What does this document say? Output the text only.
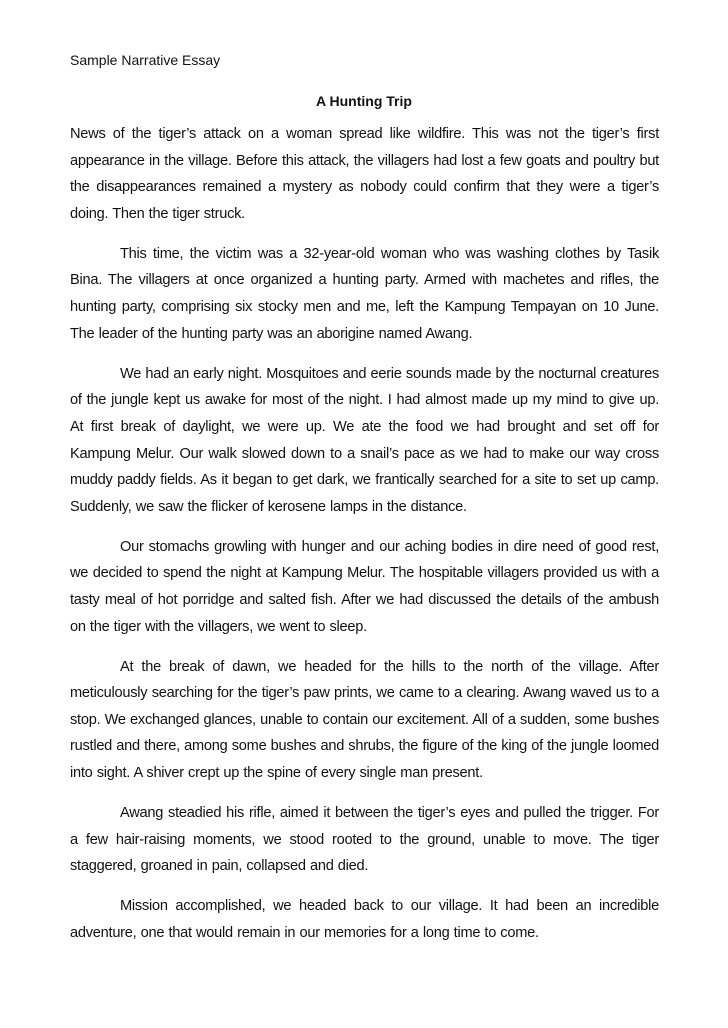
Sample Narrative Essay
A Hunting Trip

News of the tiger’s attack on a woman spread like wildfire. This was not the tiger’s first appearance in the village. Before this attack, the villagers had lost a few goats and poultry but the disappearances remained a mystery as nobody could confirm that they were a tiger’s doing. Then the tiger struck.

This time, the victim was a 32-year-old woman who was washing clothes by Tasik Bina. The villagers at once organized a hunting party. Armed with machetes and rifles, the hunting party, comprising six stocky men and me, left the Kampung Tempayan on 10 June. The leader of the hunting party was an aborigine named Awang.

We had an early night. Mosquitoes and eerie sounds made by the nocturnal creatures of the jungle kept us awake for most of the night. I had almost made up my mind to give up. At first break of daylight, we were up. We ate the food we had brought and set off for Kampung Melur. Our walk slowed down to a snail’s pace as we had to make our way cross muddy paddy fields. As it began to get dark, we frantically searched for a site to set up camp. Suddenly, we saw the flicker of kerosene lamps in the distance.

Our stomachs growling with hunger and our aching bodies in dire need of good rest, we decided to spend the night at Kampung Melur. The hospitable villagers provided us with a tasty meal of hot porridge and salted fish. After we had discussed the details of the ambush on the tiger with the villagers, we went to sleep.

At the break of dawn, we headed for the hills to the north of the village. After meticulously searching for the tiger’s paw prints, we came to a clearing. Awang waved us to a stop. We exchanged glances, unable to contain our excitement. All of a sudden, some bushes rustled and there, among some bushes and shrubs, the figure of the king of the jungle loomed into sight. A shiver crept up the spine of every single man present.

Awang steadied his rifle, aimed it between the tiger’s eyes and pulled the trigger. For a few hair-raising moments, we stood rooted to the ground, unable to move. The tiger staggered, groaned in pain, collapsed and died.

Mission accomplished, we headed back to our village. It had been an incredible adventure, one that would remain in our memories for a long time to come.
